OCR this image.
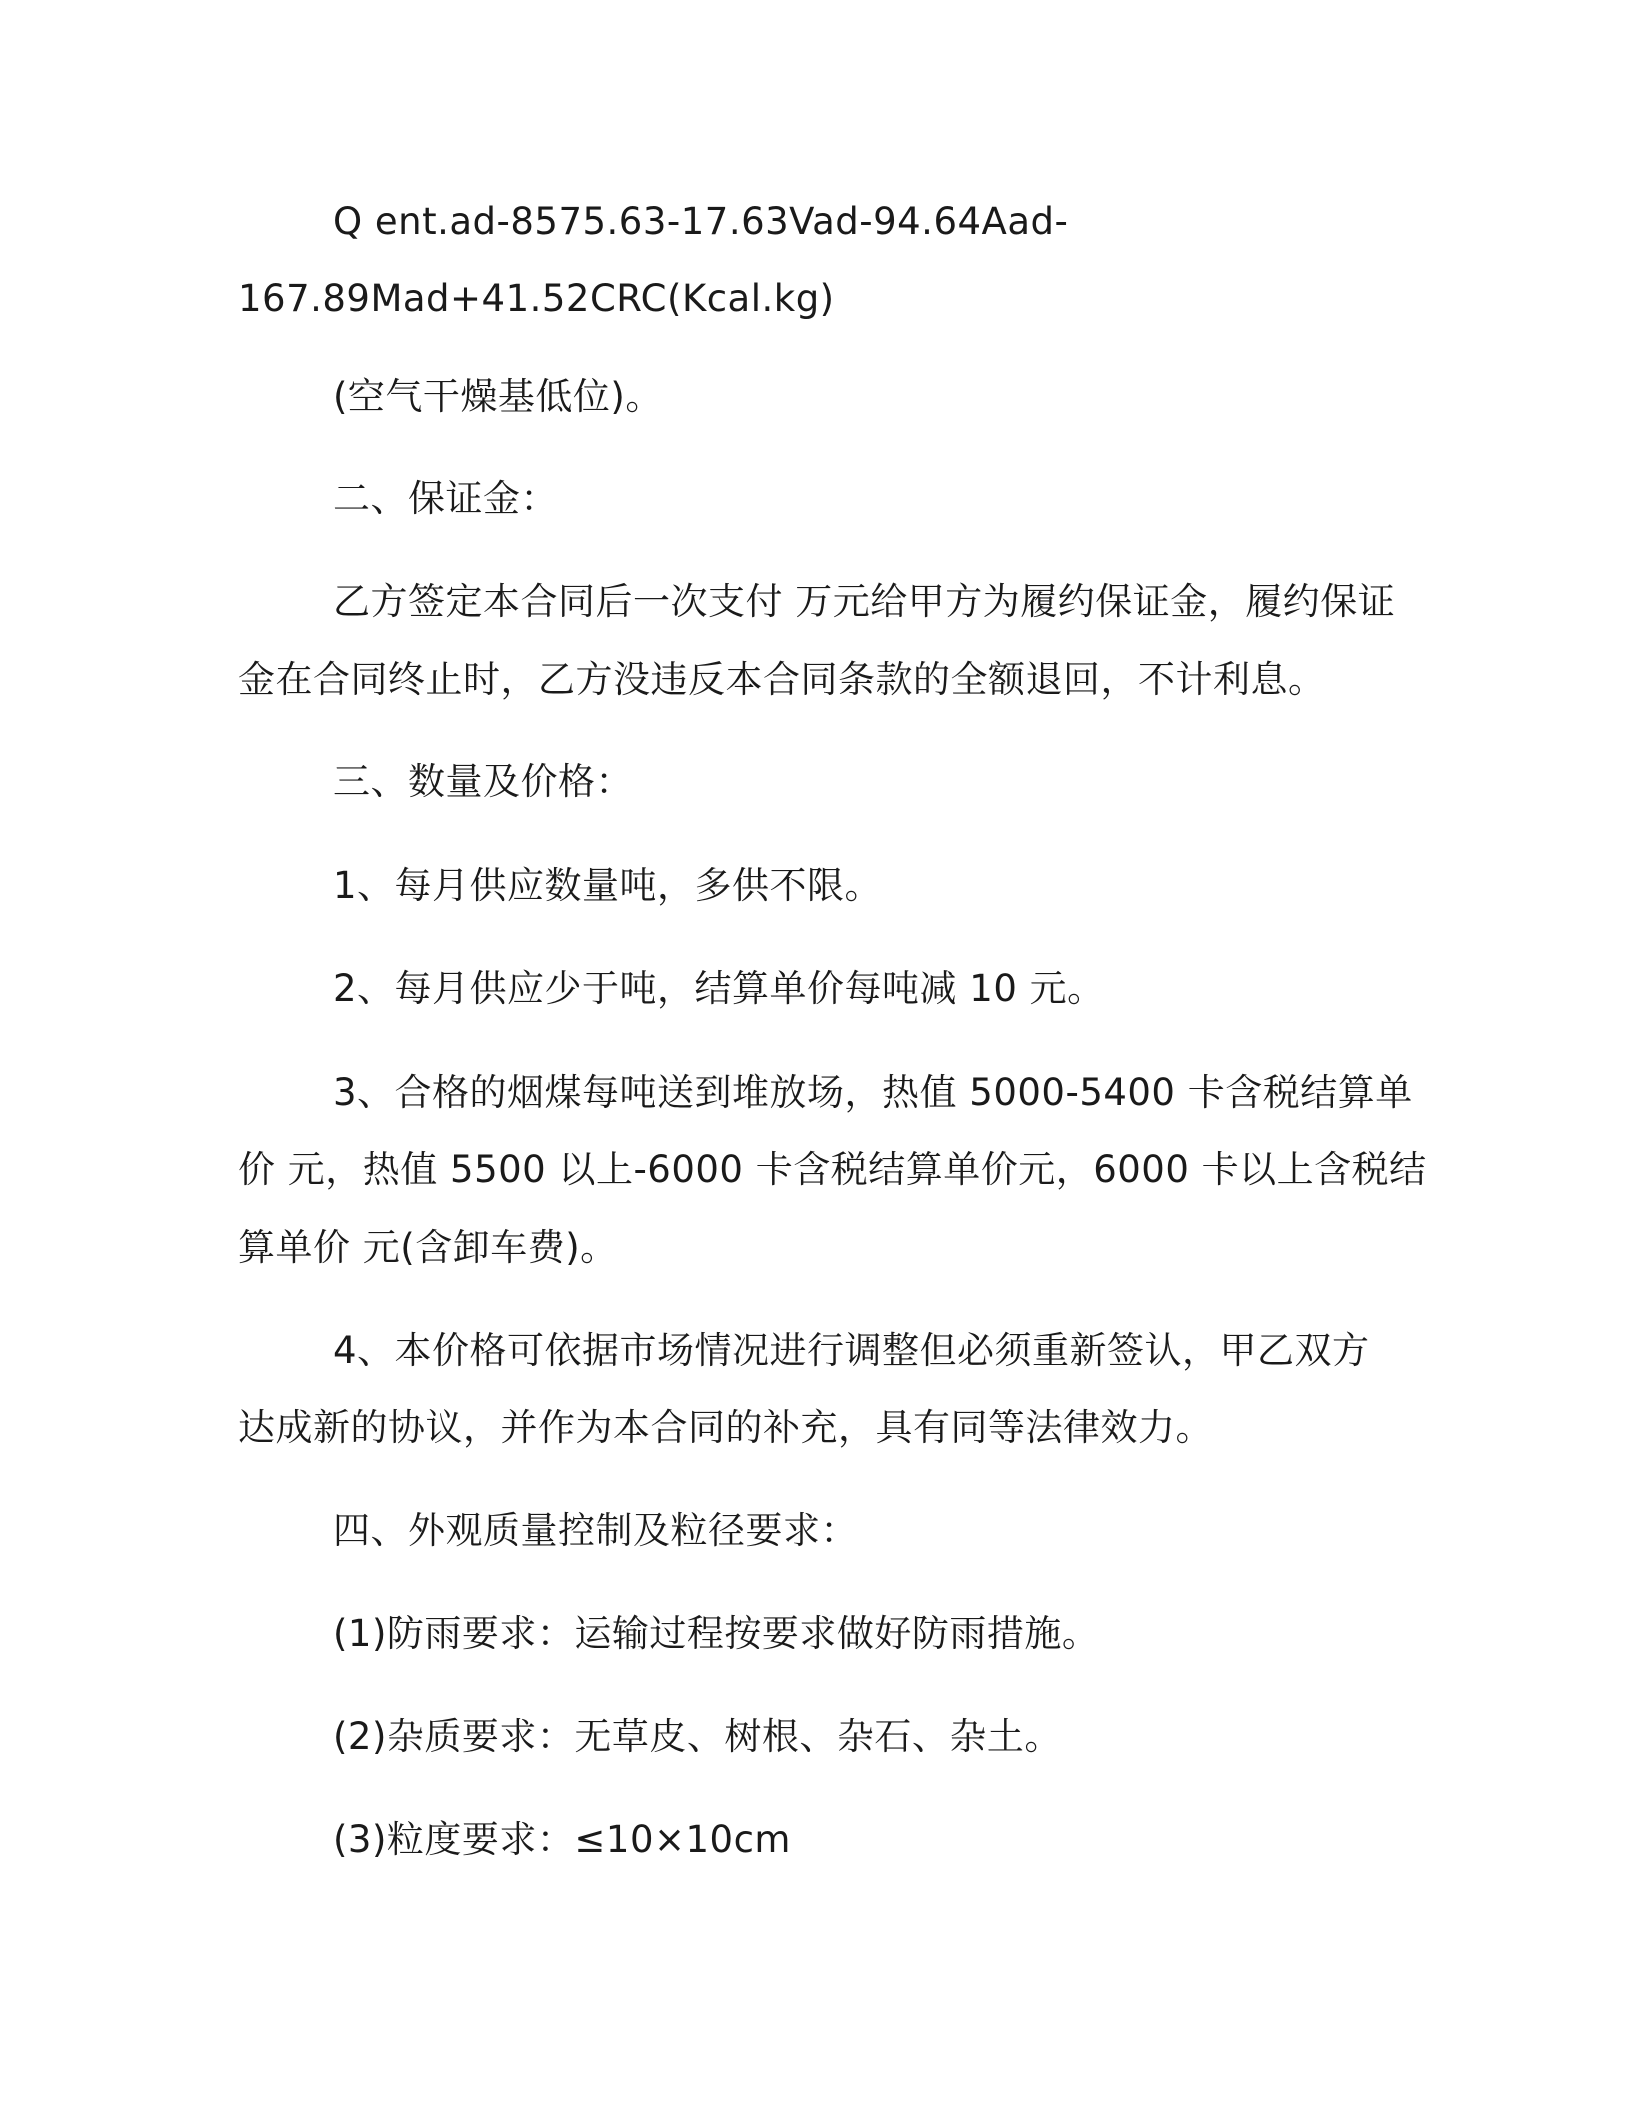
Q ent.ad-8575.63-17.63Vad-94.64Aad-
167.89Mad+41.52CRC(Kcal.kg)
(空气干燥基低位)。
二、保证金：
乙方签定本合同后一次支付 万元给甲方为履约保证金，履约保证
金在合同终止时，乙方没违反本合同条款的全额退回，不计利息。
三、数量及价格：
1、每月供应数量吨，多供不限。
2、每月供应少于吨，结算单价每吨减 10 元。
3、合格的烟煤每吨送到堆放场，热值 5000-5400 卡含税结算单
价 元，热值 5500 以上-6000 卡含税结算单价元，6000 卡以上含税结
算单价 元(含卸车费)。
4、本价格可依据市场情况进行调整但必须重新签认，甲乙双方
达成新的协议，并作为本合同的补充，具有同等法律效力。
四、外观质量控制及粒径要求：
(1)防雨要求：运输过程按要求做好防雨措施。
(2)杂质要求：无草皮、树根、杂石、杂土。
(3)粒度要求：≤10×10cm
